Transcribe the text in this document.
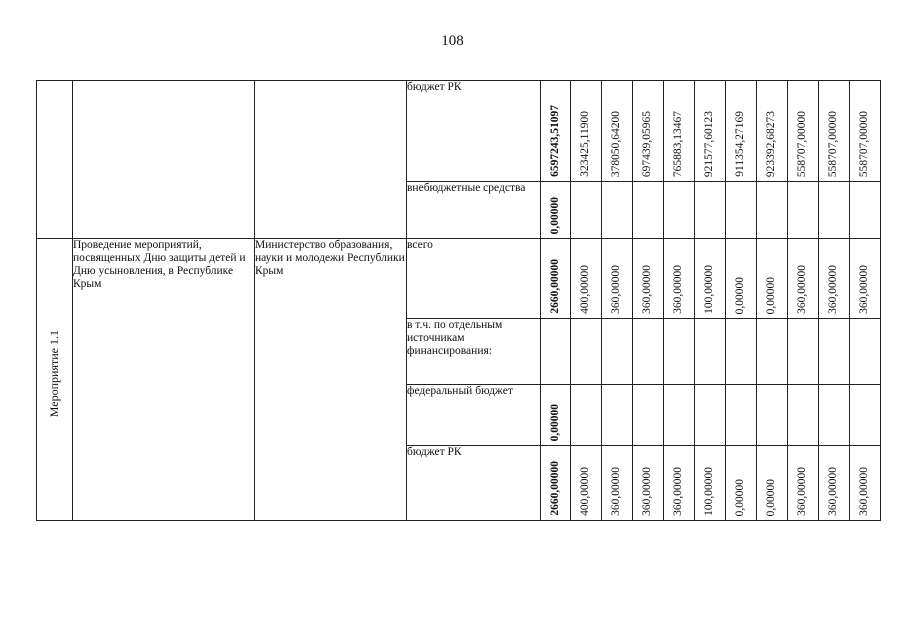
108
			бюджет РК	6597243,51097	323425,11900	378050,64200	697439,05965	765883,13467	921577,60123	911354,27169	923392,68273	558707,00000	558707,00000	558707,00000

			внебюджетные средства	0,00000										

Мероприятие 1.1	Проведение мероприятий, посвященных Дню защиты детей и Дню усыновления, в Республике Крым	Министерство образования, науки и молодежи Республики Крым	всего	2660,00000	400,00000	360,00000	360,00000	360,00000	100,00000	0,00000	0,00000	360,00000	360,00000	360,00000

			в т.ч. по отдельным источникам финансирования:											
			федеральный бюджет	0,00000										

			бюджет РК	2660,00000	400,00000	360,00000	360,00000	360,00000	100,00000	0,00000	0,00000	360,00000	360,00000	360,00000
